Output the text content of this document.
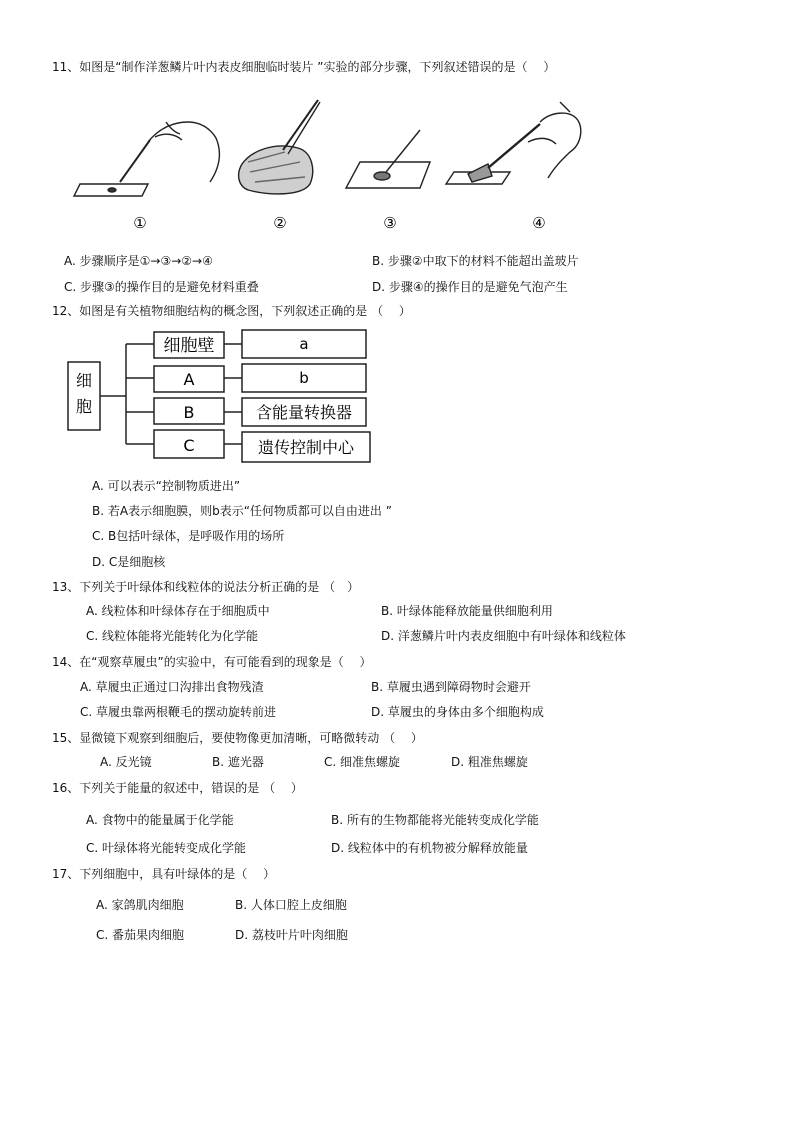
11、如图是“制作洋葱鳞片叶内表皮细胞临时装片 ”实验的部分步骤，下列叙述错误的是（　 ）
①	②	③	④
A. 步骤顺序是①→③→②→④	B. 步骤②中取下的材料不能超出盖玻片
C. 步骤③的操作目的是避免材料重叠	D. 步骤④的操作目的是避免气泡产生
12、如图是有关植物细胞结构的概念图，下列叙述正确的是 （　 ）
细胞
细胞壁
A
B
C
a
b
含能量转换器
遗传控制中心
A. 可以表示“控制物质进出”
B. 若A表示细胞膜，则b表示“任何物质都可以自由进出 ”
C. B包括叶绿体，是呼吸作用的场所
D. C是细胞核
13、下列关于叶绿体和线粒体的说法分析正确的是 （　）
A. 线粒体和叶绿体存在于细胞质中	B. 叶绿体能释放能量供细胞利用
C. 线粒体能将光能转化为化学能	D. 洋葱鳞片叶内表皮细胞中有叶绿体和线粒体
14、在“观察草履虫”的实验中，有可能看到的现象是（　 ）
A. 草履虫正通过口沟排出食物残渣	B. 草履虫遇到障碍物时会避开
C. 草履虫靠两根鞭毛的摆动旋转前进	D. 草履虫的身体由多个细胞构成
15、显微镜下观察到细胞后，要使物像更加清晰，可略微转动 （　 ）
A. 反光镜	B. 遮光器	C. 细准焦螺旋	D. 粗准焦螺旋
16、下列关于能量的叙述中，错误的是 （　 ）
A. 食物中的能量属于化学能	B. 所有的生物都能将光能转变成化学能
C. 叶绿体将光能转变成化学能	D. 线粒体中的有机物被分解释放能量
17、下列细胞中，具有叶绿体的是（　 ）
A. 家鸽肌肉细胞	B. 人体口腔上皮细胞
C. 番茄果肉细胞	D. 荔枝叶片叶肉细胞
